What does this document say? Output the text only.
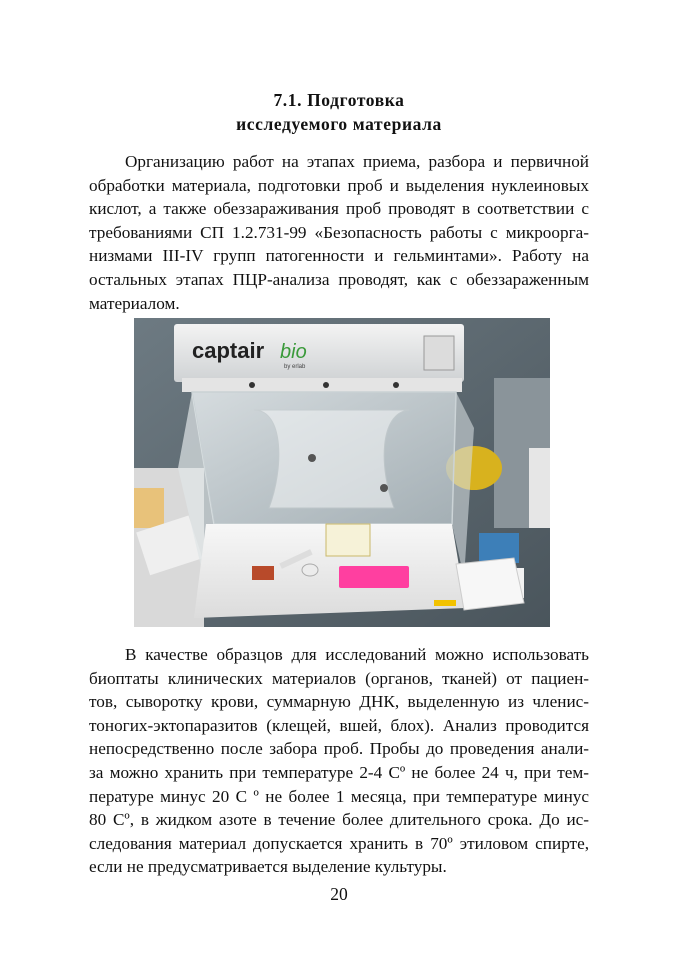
7.1. Подготовка
исследуемого материала
Организацию работ на этапах приема, разбора и первичной
обработки материала, подготовки проб и выделения нуклеиновых
кислот, а также обеззараживания проб проводят в соответствии с
требованиями СП 1.2.731-99 «Безопасность работы с микроорга-
низмами III-IV групп патогенности и гельминтами». Работу на
остальных этапах ПЦР-анализа проводят, как с обеззараженным
материалом.
captair bio
by erlab
В качестве образцов для исследований можно использовать
биоптаты клинических материалов (органов, тканей) от пациен-
тов, сыворотку крови, суммарную ДНК, выделенную из членис-
тоногих-эктопаразитов (клещей, вшей, блох). Анализ проводится
непосредственно после забора проб. Пробы до проведения анали-
за можно хранить при температуре 2-4 Сº не более 24 ч, при тем-
пературе минус 20 С º не более 1 месяца, при температуре минус
80 Сº, в жидком азоте в течение более длительного срока. До ис-
следования материал допускается хранить в 70º этиловом спирте,
если не предусматривается выделение культуры.
20
